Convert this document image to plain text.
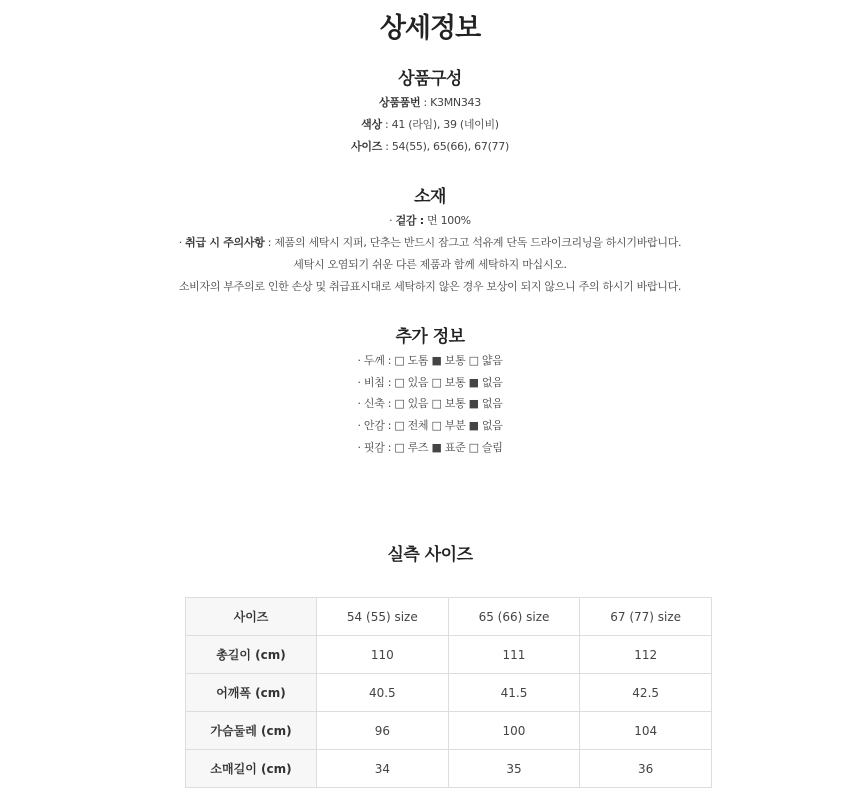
상세정보
상품구성
상품품번 : K3MN343
색상 : 41 (라임), 39 (네이비)
사이즈 : 54(55), 65(66), 67(77)
소재
· 겉감 : 면 100%
· 취급 시 주의사항 : 제품의 세탁시 지퍼, 단추는 반드시 잠그고 석유계 단독 드라이크리닝을 하시기바랍니다.
세탁시 오염되기 쉬운 다른 제품과 함께 세탁하지 마십시오.
소비자의 부주의로 인한 손상 및 취급표시대로 세탁하지 않은 경우 보상이 되지 않으니 주의 하시기 바랍니다.
추가 정보
· 두께 : □ 도톰 ■ 보통 □ 얇음
· 비침 : □ 있음 □ 보통 ■ 없음
· 신축 : □ 있음 □ 보통 ■ 없음
· 안감 : □ 전체 □ 부분 ■ 없음
· 핏감 : □ 루즈 ■ 표준 □ 슬림
실측 사이즈
사이즈	54 (55) size	65 (66) size	67 (77) size
총길이 (cm)	110	111	112
어깨폭 (cm)	40.5	41.5	42.5
가슴둘레 (cm)	96	100	104
소매길이 (cm)	34	35	36
